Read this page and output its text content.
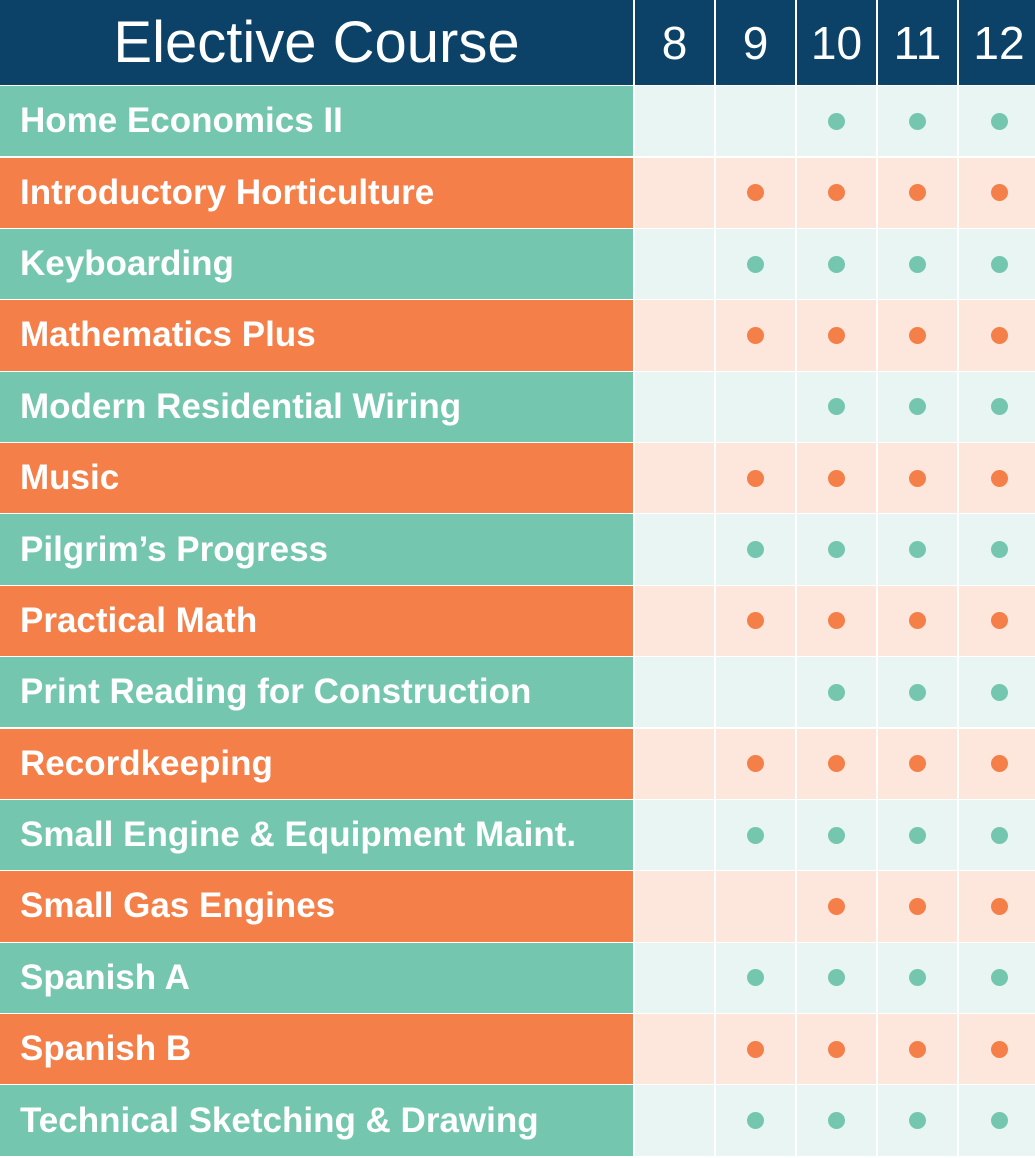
Elective Course	8	9 10 11 12
Home Economics II
Introductory Horticulture
Keyboarding
Mathematics Plus
Modern Residential Wiring
Music
Pilgrim’s Progress
Practical Math
Print Reading for Construction
Recordkeeping
Small Engine & Equipment Maint.
Small Gas Engines
Spanish A
Spanish B
Technical Sketching & Drawing
